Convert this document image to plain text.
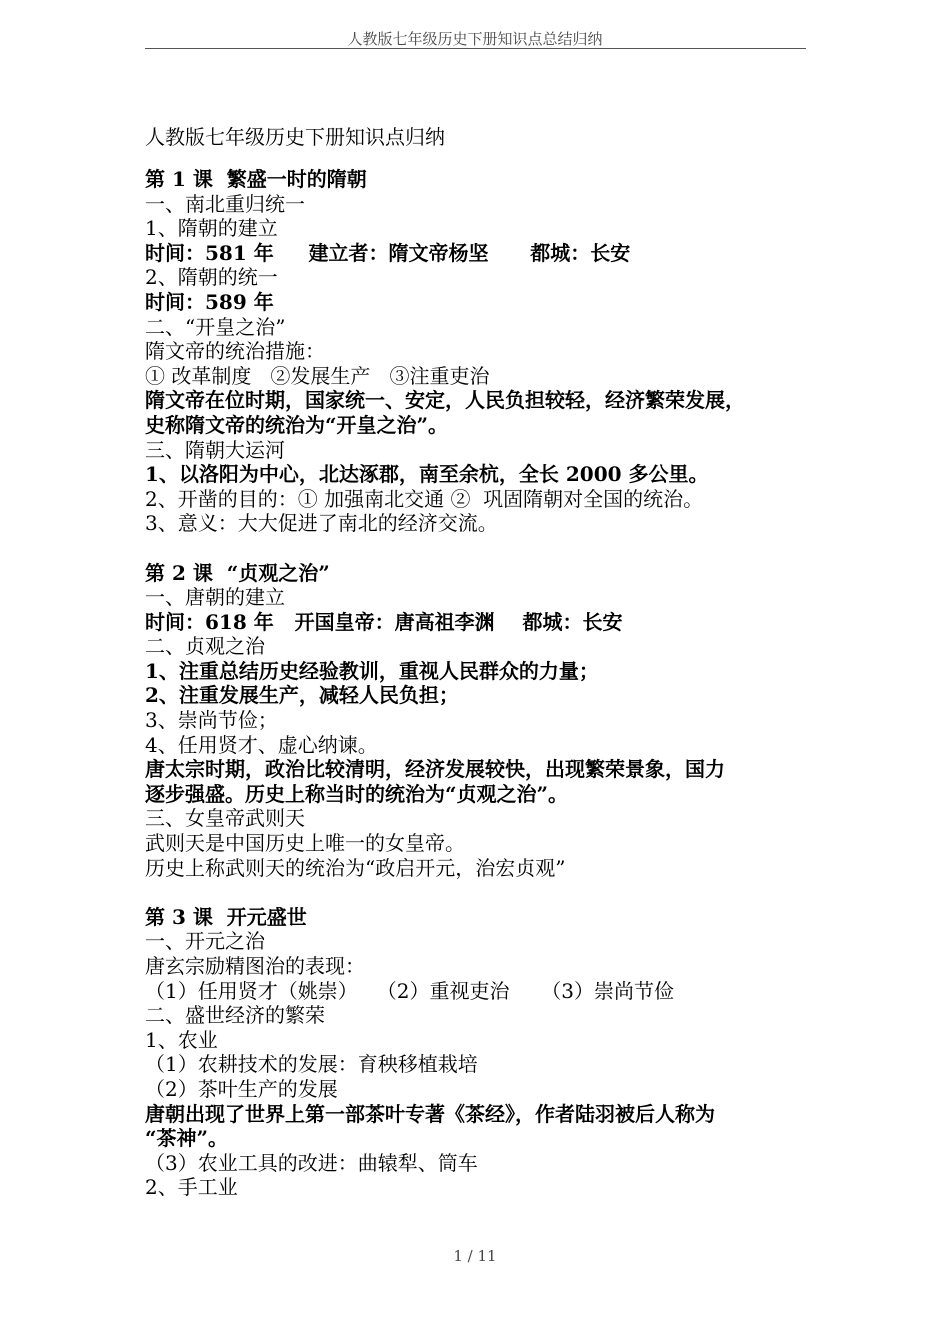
人教版七年级历史下册知识点总结归纳
人教版七年级历史下册知识点归纳
第 1 课  繁盛一时的隋朝
一、南北重归统一
1、隋朝的建立
时间：581 年     建立者：隋文帝杨坚      都城：长安
2、隋朝的统一
时间：589 年
二、“开皇之治”
隋文帝的统治措施：
① 改革制度   ②发展生产   ③注重吏治
隋文帝在位时期，国家统一、安定，人民负担较轻，经济繁荣发展，
史称隋文帝的统治为“开皇之治”。
三、隋朝大运河
1、以洛阳为中心，北达涿郡，南至余杭，全长 2000 多公里。
2、开凿的目的：① 加强南北交通 ②  巩固隋朝对全国的统治。
3、意义：大大促进了南北的经济交流。
第 2 课  “贞观之治”
一、唐朝的建立
时间：618 年   开国皇帝：唐高祖李渊    都城：长安
二、贞观之治
1、注重总结历史经验教训，重视人民群众的力量；
2、注重发展生产，减轻人民负担；
3、崇尚节俭；
4、任用贤才、虚心纳谏。
唐太宗时期，政治比较清明，经济发展较快，出现繁荣景象，国力
逐步强盛。历史上称当时的统治为“贞观之治”。
三、女皇帝武则天
武则天是中国历史上唯一的女皇帝。
历史上称武则天的统治为“政启开元，治宏贞观”
第 3 课  开元盛世
一、开元之治
唐玄宗励精图治的表现：
（1）任用贤才（姚崇）   （2）重视吏治     （3）崇尚节俭
二、盛世经济的繁荣
1、农业
（1）农耕技术的发展：育秧移植栽培
（2）茶叶生产的发展
唐朝出现了世界上第一部茶叶专著《茶经》，作者陆羽被后人称为
“茶神”。
（3）农业工具的改进：曲辕犁、筒车
2、手工业
1 / 11
